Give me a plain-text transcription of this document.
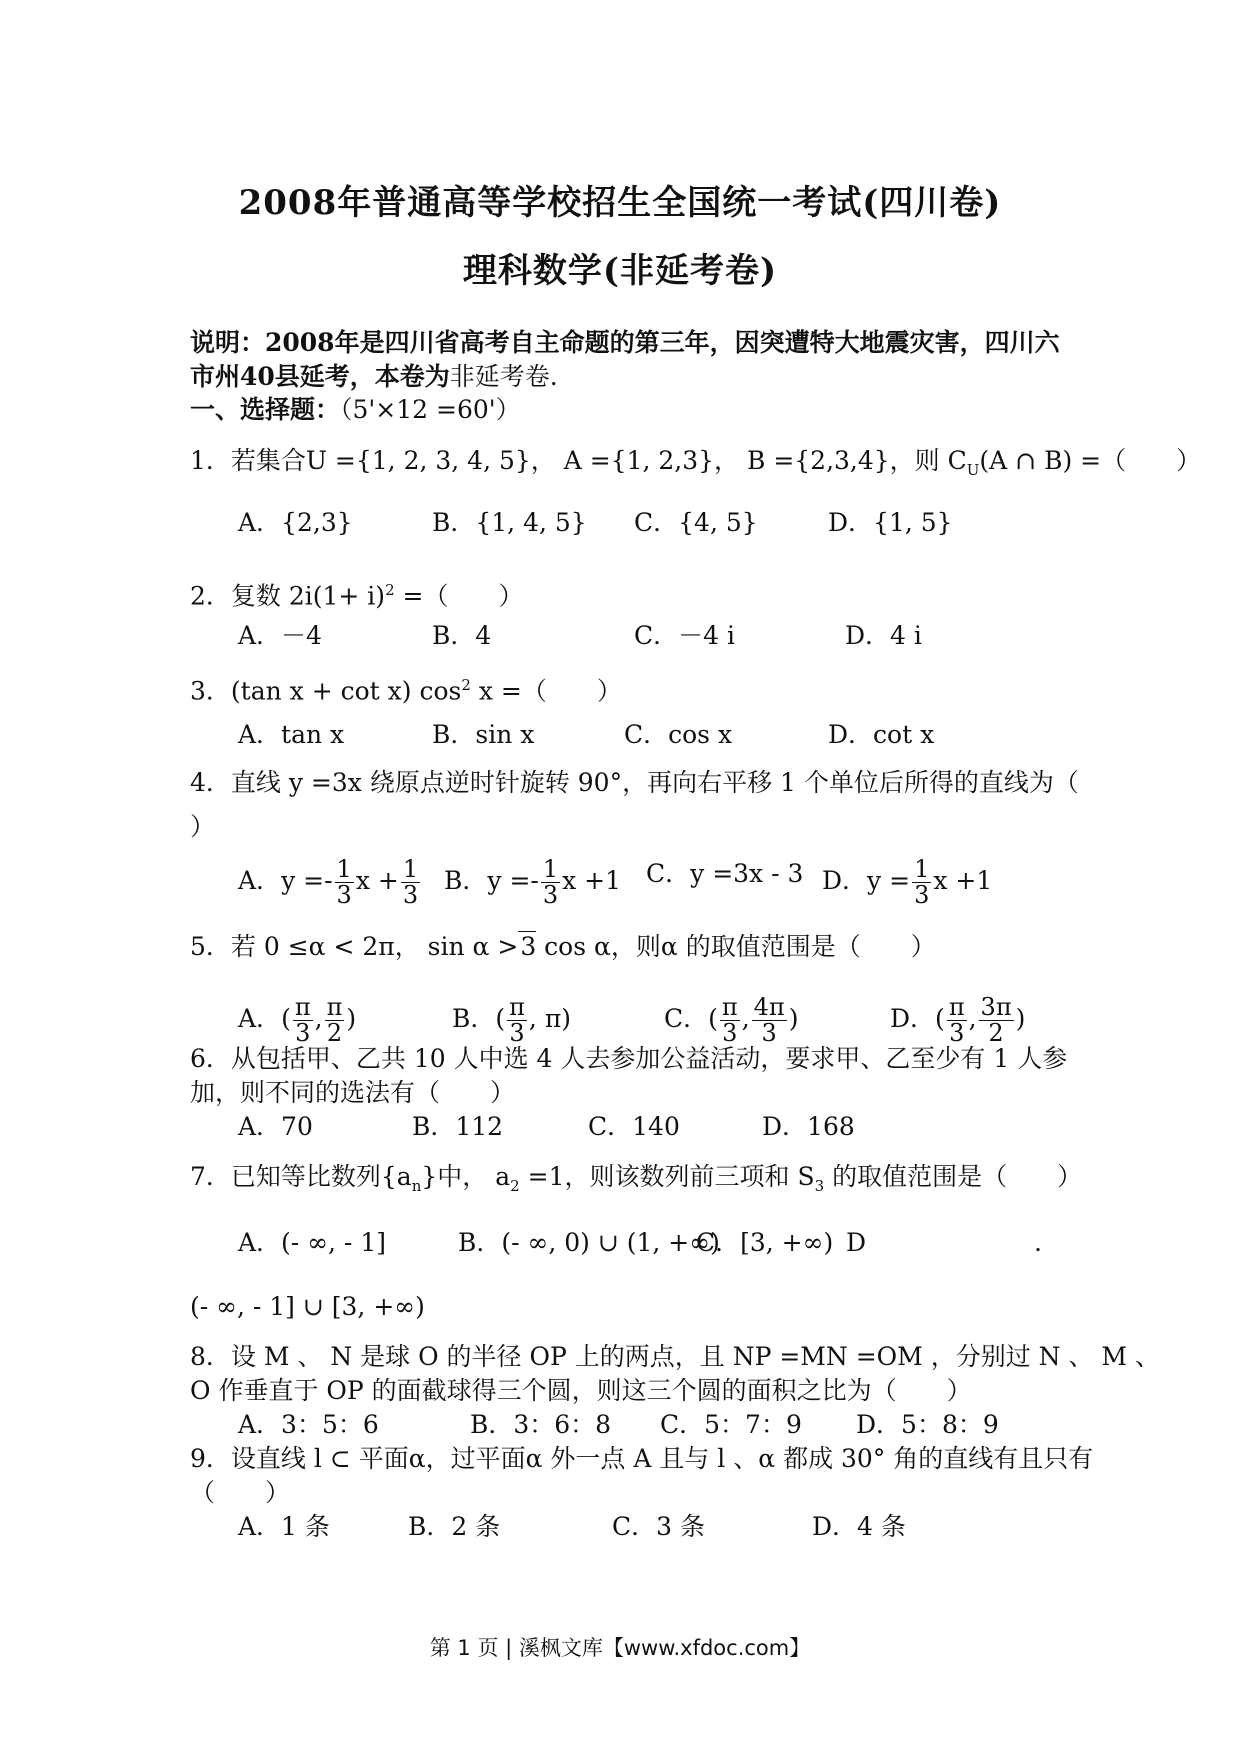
2008年普通高等学校招生全国统一考试(四川卷)
理科数学(非延考卷)
说明：2008年是四川省高考自主命题的第三年，因突遭特大地震灾害，四川六
市州40县延考，本卷为非延考卷.
一、选择题：（5'×12 =60'）
1．若集合U ={1, 2, 3, 4, 5}， A ={1, 2,3}， B ={2,3,4}，则 $C_U(A$ ∩ B) =（　　）
A．{2,3}	B．{1, 4, 5} C．{4, 5}	D．{1, 5}
2．复数 $2i(1+ i)^2$ =（　　）
A．－4	B．4	C．－4 i	D．4 i
3．(tan x + cot x) $\cos^2 x$ =（　　）
A．tan x	B．sin x	C．cos x	D．cot x
4．直线 y =3x 绕原点逆时针旋转 90°，再向右平移 1 个单位后所得的直线为（
）
A．$y =- \frac{1}{3}$ $x + \frac{1}{3}$ B．$y =- \frac{1}{3}$ x +1 C．y =3x - 3 D．$y = \frac{1}{3}$ x +1
5．若 0 ≤α < 2π， sin α >3 cos α，则α 的取值范围是（　　）
A．( $\frac{\pi}{3}$ , $\frac{\pi}{2}$ )	B．( $\frac{\pi}{3}$ , π)	C．( $\frac{\pi}{3}$ , $\frac{4\pi}{3}$ )	D．( $\frac{\pi}{3}$ , $\frac{3\pi}{2}$ )
6．从包括甲、乙共 10 人中选 4 人去参加公益活动，要求甲、乙至少有 1 人参
加，则不同的选法有（　　）
A．70	B．112	C．140	D．168
7．已知等比数列$\{a_n\}$中， $a_2 =1$，则该数列前三项和 $S_3$ 的取值范围是（　　）
A．(- ∞, - 1]	B．(- ∞, 0) ∪ (1, +∞)
C．[3, +∞) D	.
(- ∞, - 1] ∪ [3, +∞)
8．设 M 、 N 是球 O 的半径 OP 上的两点，且 NP =MN =OM ，分别过 N 、 M 、
O 作垂直于 OP 的面截球得三个圆，则这三个圆的面积之比为（　　）
A．3：5：6	B．3：6：8 C．5：7：9 D．5：8：9
9．设直线 l ⊂ 平面α，过平面α 外一点 A 且与 l 、α 都成 30° 角的直线有且只有
（　　）
A．1 条	B．2 条	C．3 条	D．4 条
第 1 页 | 溪枫文库【www.xfdoc.com】
